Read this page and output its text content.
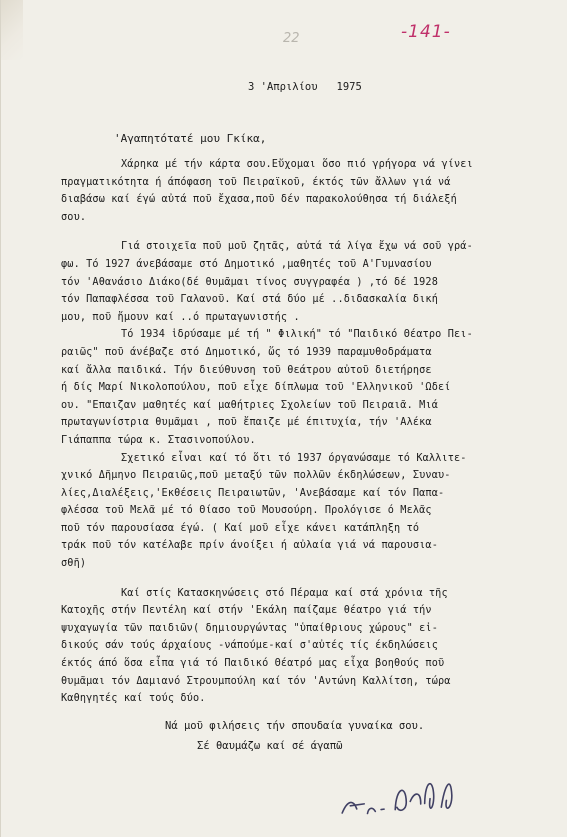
22	-141-
3 'Απριλίου   1975
'Αγαπητότατέ μου Γκίκα,
Χάρηκα μέ τήν κάρτα σου.Εὔχομαι ὅσο πιό γρήγορα νά γίνει
πραγματικότητα ή άπόφαση τοῦ Πειραϊκοῦ, έκτός τῶν ἄλλων γιά νά
διαβάσω καί έγώ αὐτά ποῦ ἔχασα,ποῦ δέν παρακολούθησα τή διάλεξή
σου.
Γιά στοιχεῖα ποῦ μοῦ ζητᾶς, αὐτά τά λίγα ἔχω νά σοῦ γρά-
φω. Τό 1927 άνεβάσαμε στό Δημοτικό ,μαθητές τοῦ Α'Γυμνασίου
τόν 'Αθανάσιο Διάκο(δέ θυμᾶμαι τίνος συγγραφέα ) ,τό δέ 1928
τόν Παπαφλέσσα τοῦ Γαλανοῦ. Καί στά δύο μέ ..διδασκαλία δική
μου, ποῦ ἤμουν καί ..ό πρωταγωνιστής .
Τό 1934 ἱδρύσαμε μέ τή " Φιλική" τό "Παιδικό Θέατρο Πει-
ραιῶς" ποῦ άνέβαζε στό Δημοτικό, ὥς τό 1939 παραμυθοδράματα
καί ἄλλα παιδικά. Τήν διεύθυνση τοῦ θεάτρου αὐτοῦ διετήρησε
ή δίς Μαρί Νικολοπούλου, ποῦ εἶχε δίπλωμα τοῦ 'Ελληνικοῦ 'Ωδεί
ου. "Επαιζαν μαθητές καί μαθήτριες Σχολείων τοῦ Πειραιᾶ. Μιά
πρωταγωνίστρια θυμᾶμαι , ποῦ ἔπαιζε μέ έπιτυχία, τήν 'Αλέκα
Γιάπαππα τώρα κ. Στασινοπούλου.
Σχετικό εἶναι καί τό ὅτι τό 1937 όργανώσαμε τό Καλλιτε-
χνικό Δῆμηνο Πειραιῶς,ποῦ μεταξύ τῶν πολλῶν έκδηλώσεων, Συναυ-
λίες,Διαλέξεις,'Εκθέσεις Πειραιωτῶν, 'Ανεβάσαμε καί τόν Παπα-
φλέσσα τοῦ Μελᾶ μέ τό Θίασο τοῦ Μουσούρη. Προλόγισε ό Μελᾶς
ποῦ τόν παρουσίασα έγώ. ( Καί μοῦ εἶχε κάνει κατάπληξη τό
τράκ ποῦ τόν κατέλαβε πρίν άνοίξει ή αὐλαία γιά νά παρουσια-
σθῆ)
Καί στίς Κατασκηνώσεις στό Πέραμα καί στά χρόνια τῆς
Κατοχῆς στήν Πεντέλη καί στήν 'Εκάλη παίζαμε θέατρο γιά τήν
ψυχαγωγία τῶν παιδιῶν( δημιουργώντας "ὑπαίθριους χώρους" εἰ-
δικούς σάν τούς άρχαίους -νάπούμε-καί σ'αὐτές τίς έκδηλώσεις
έκτός άπό ὅσα εἶπα γιά τό Παιδικό Θέατρό μας εἶχα βοηθούς ποῦ
θυμᾶμαι τόν Δαμιανό Στρουμπούλη καί τόν 'Αντώνη Καλλίτση, τώρα
Καθηγητές καί τούς δύο.
Νά μοῦ φιλήσεις τήν σπουδαία γυναίκα σου.
Σέ θαυμάζω καί σέ άγαπῶ
